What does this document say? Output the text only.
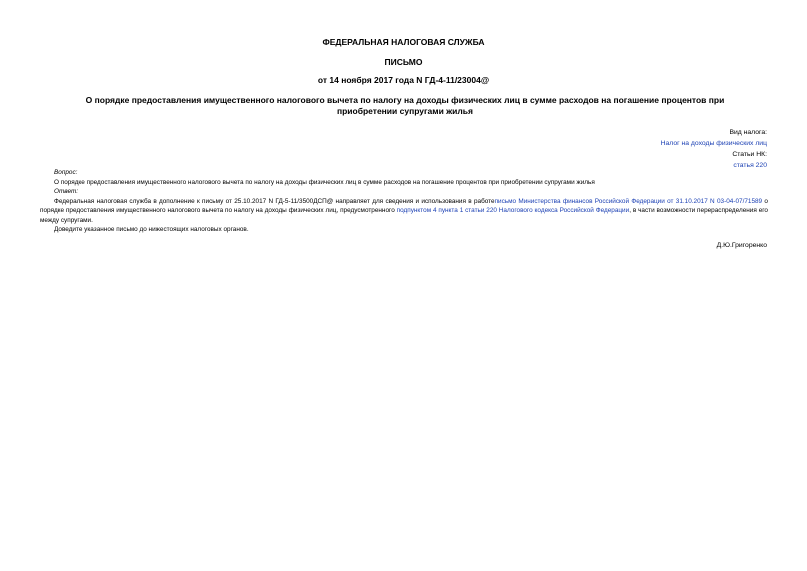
ФЕДЕРАЛЬНАЯ НАЛОГОВАЯ СЛУЖБА
ПИСЬМО
от 14 ноября 2017 года N ГД-4-11/23004@
О порядке предоставления имущественного налогового вычета по налогу на доходы физических лиц в сумме расходов на погашение процентов при приобретении супругами жилья
Вид налога:
Налог на доходы физических лиц
Статьи НК:
статья 220
Вопрос:
О порядке предоставления имущественного налогового вычета по налогу на доходы физических лиц в сумме расходов на погашение процентов при приобретении супругами жилья
Ответ:
Федеральная налоговая служба в дополнение к письму от 25.10.2017 N ГД-5-11/3500ДСП@ направляет для сведения и использования в работеписьмо Министерства финансов Российской Федерации от 31.10.2017 N 03-04-07/71589 о порядке предоставления имущественного налогового вычета по налогу на доходы физических лиц, предусмотренного подпунктом 4 пункта 1 статьи 220 Налогового кодекса Российской Федерации, в части возможности перераспределения его между супругами.
Доведите указанное письмо до нижестоящих налоговых органов.
Д.Ю.Григоренко
